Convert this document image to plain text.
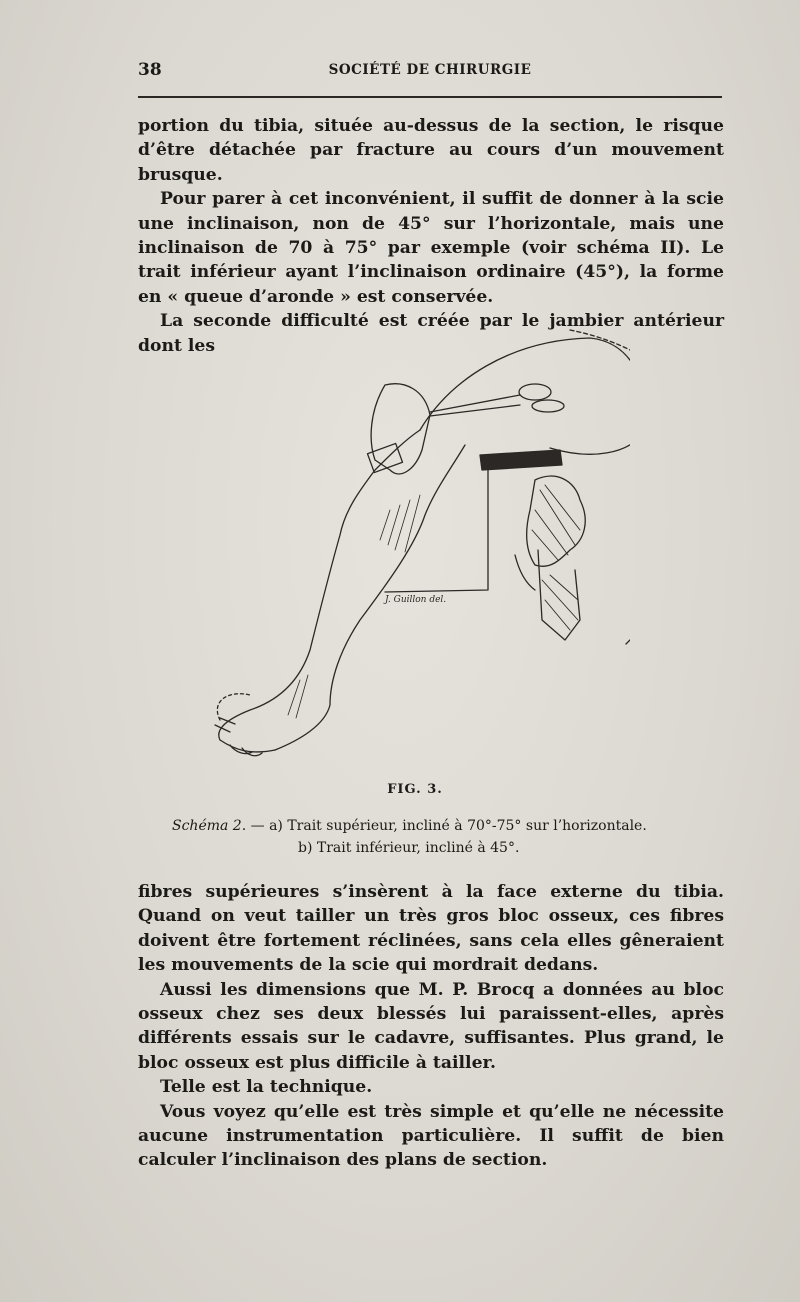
38	SOCIÉTÉ DE CHIRURGIE

portion du tibia, située au-dessus de la section, le risque d’être détachée par fracture au cours d’un mouvement brusque.

Pour parer à cet inconvénient, il suffit de donner à la scie une inclinaison, non de 45° sur l’horizontale, mais une inclinaison de 70 à 75° par exemple (voir schéma II). Le trait inférieur ayant l’inclinaison ordinaire (45°), la forme en « queue d’aronde » est conservée.

La seconde difficulté est créée par le jambier antérieur dont les

J. Guillon del.
FIG. 3.
Schéma 2. — a) Trait supérieur, incliné à 70°-75° sur l’horizontale.
b) Trait inférieur, incliné à 45°.

fibres supérieures s’insèrent à la face externe du tibia. Quand on veut tailler un très gros bloc osseux, ces fibres doivent être fortement réclinées, sans cela elles gêneraient les mouvements de la scie qui mordrait dedans.

Aussi les dimensions que M. P. Brocq a données au bloc osseux chez ses deux blessés lui paraissent-elles, après différents essais sur le cadavre, suffisantes. Plus grand, le bloc osseux est plus difficile à tailler.

Telle est la technique.

Vous voyez qu’elle est très simple et qu’elle ne nécessite aucune instrumentation particulière. Il suffit de bien calculer l’inclinaison des plans de section.
